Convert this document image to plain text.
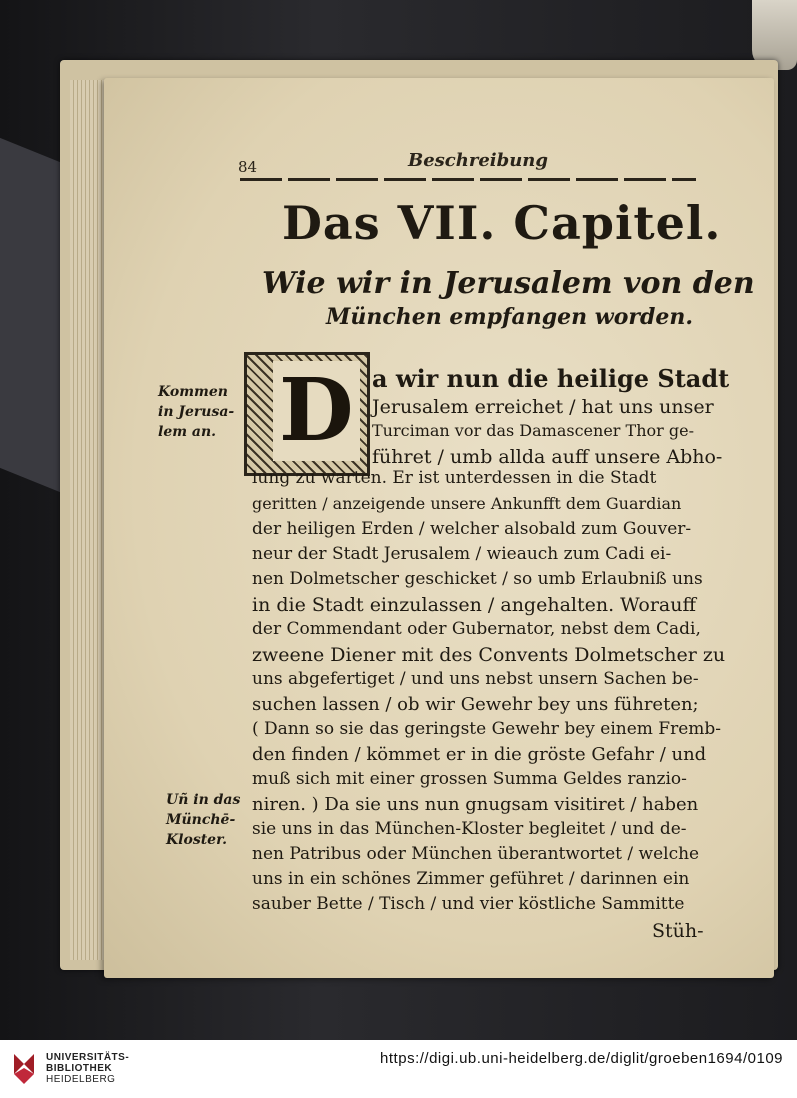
84	Beschreibung
Das VII. Capitel.
Wie wir in Jerusalem von den
München empfangen worden.
D
Kommen
in Jerusa-
lem an.
Uñ in das
Münchē-
Kloster.
a wir nun die heilige Stadt
Jerusalem erreichet / hat uns unser
Turciman vor das Damascener Thor ge-
führet / umb allda auff unsere Abho-
lung zu warten. Er ist unterdessen in die Stadt
geritten / anzeigende unsere Ankunfft dem Guardian
der heiligen Erden / welcher alsobald zum Gouver-
neur der Stadt Jerusalem / wieauch zum Cadi ei-
nen Dolmetscher geschicket / so umb Erlaubniß uns
in die Stadt einzulassen / angehalten. Worauff
der Commendant oder Gubernator, nebst dem Cadi,
zweene Diener mit des Convents Dolmetscher zu
uns abgefertiget / und uns nebst unsern Sachen be-
suchen lassen / ob wir Gewehr bey uns führeten;
( Dann so sie das geringste Gewehr bey einem Fremb-
den finden / kömmet er in die gröste Gefahr / und
muß sich mit einer grossen Summa Geldes ranzio-
niren. ) Da sie uns nun gnugsam visitiret / haben
sie uns in das München-Kloster begleitet / und de-
nen Patribus oder München überantwortet / welche
uns in ein schönes Zimmer geführet / darinnen ein
sauber Bette / Tisch / und vier köstliche Sammitte
Stüh-
UNIVERSITÄTS-
BIBLIOTHEK
HEIDELBERG
https://digi.ub.uni-heidelberg.de/diglit/groeben1694/0109
